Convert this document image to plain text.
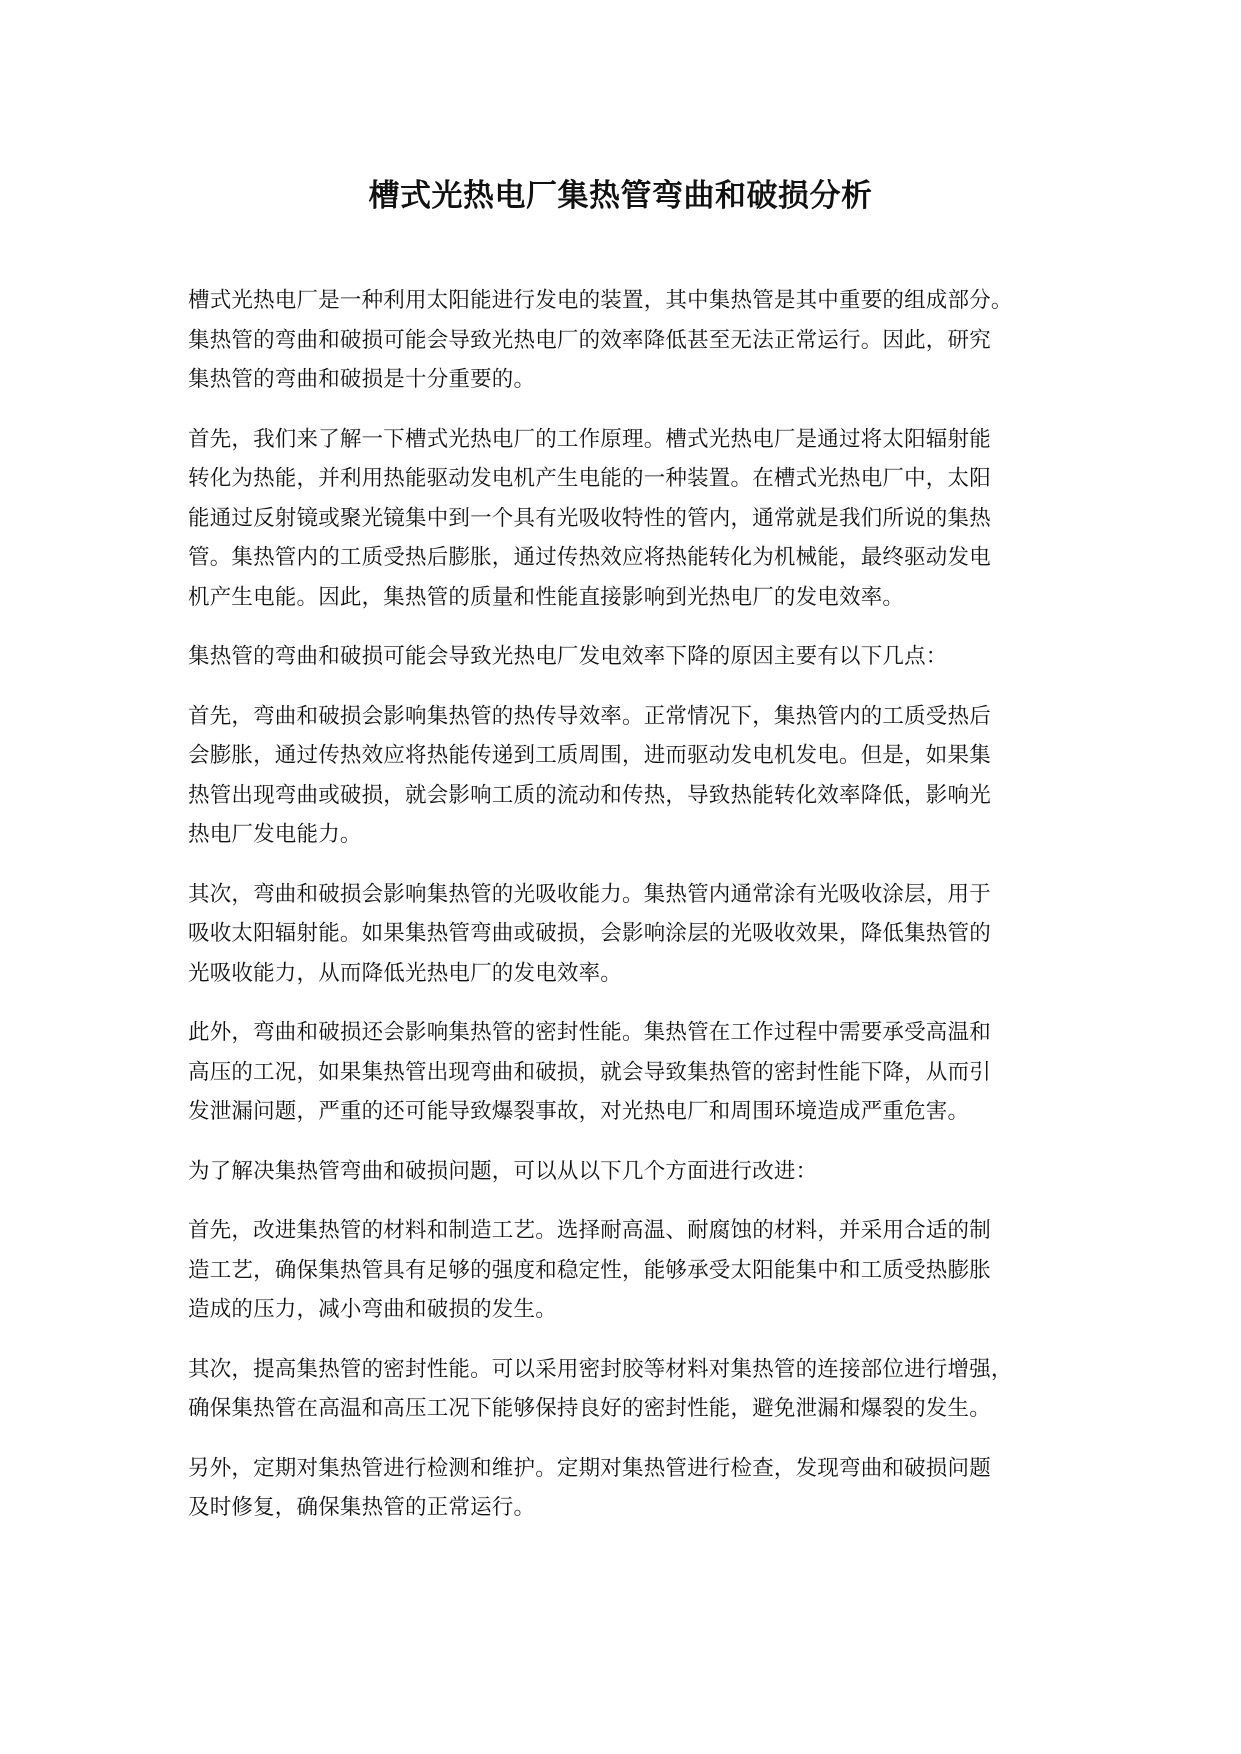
槽式光热电厂集热管弯曲和破损分析

槽式光热电厂是一种利用太阳能进行发电的装置，其中集热管是其中重要的组成部分。
集热管的弯曲和破损可能会导致光热电厂的效率降低甚至无法正常运行。因此，研究
集热管的弯曲和破损是十分重要的。

首先，我们来了解一下槽式光热电厂的工作原理。槽式光热电厂是通过将太阳辐射能
转化为热能，并利用热能驱动发电机产生电能的一种装置。在槽式光热电厂中，太阳
能通过反射镜或聚光镜集中到一个具有光吸收特性的管内，通常就是我们所说的集热
管。集热管内的工质受热后膨胀，通过传热效应将热能转化为机械能，最终驱动发电
机产生电能。因此，集热管的质量和性能直接影响到光热电厂的发电效率。

集热管的弯曲和破损可能会导致光热电厂发电效率下降的原因主要有以下几点：

首先，弯曲和破损会影响集热管的热传导效率。正常情况下，集热管内的工质受热后
会膨胀，通过传热效应将热能传递到工质周围，进而驱动发电机发电。但是，如果集
热管出现弯曲或破损，就会影响工质的流动和传热，导致热能转化效率降低，影响光
热电厂发电能力。

其次，弯曲和破损会影响集热管的光吸收能力。集热管内通常涂有光吸收涂层，用于
吸收太阳辐射能。如果集热管弯曲或破损，会影响涂层的光吸收效果，降低集热管的
光吸收能力，从而降低光热电厂的发电效率。

此外，弯曲和破损还会影响集热管的密封性能。集热管在工作过程中需要承受高温和
高压的工况，如果集热管出现弯曲和破损，就会导致集热管的密封性能下降，从而引
发泄漏问题，严重的还可能导致爆裂事故，对光热电厂和周围环境造成严重危害。

为了解决集热管弯曲和破损问题，可以从以下几个方面进行改进：

首先，改进集热管的材料和制造工艺。选择耐高温、耐腐蚀的材料，并采用合适的制
造工艺，确保集热管具有足够的强度和稳定性，能够承受太阳能集中和工质受热膨胀
造成的压力，减小弯曲和破损的发生。

其次，提高集热管的密封性能。可以采用密封胶等材料对集热管的连接部位进行增强，
确保集热管在高温和高压工况下能够保持良好的密封性能，避免泄漏和爆裂的发生。

另外，定期对集热管进行检测和维护。定期对集热管进行检查，发现弯曲和破损问题
及时修复，确保集热管的正常运行。
